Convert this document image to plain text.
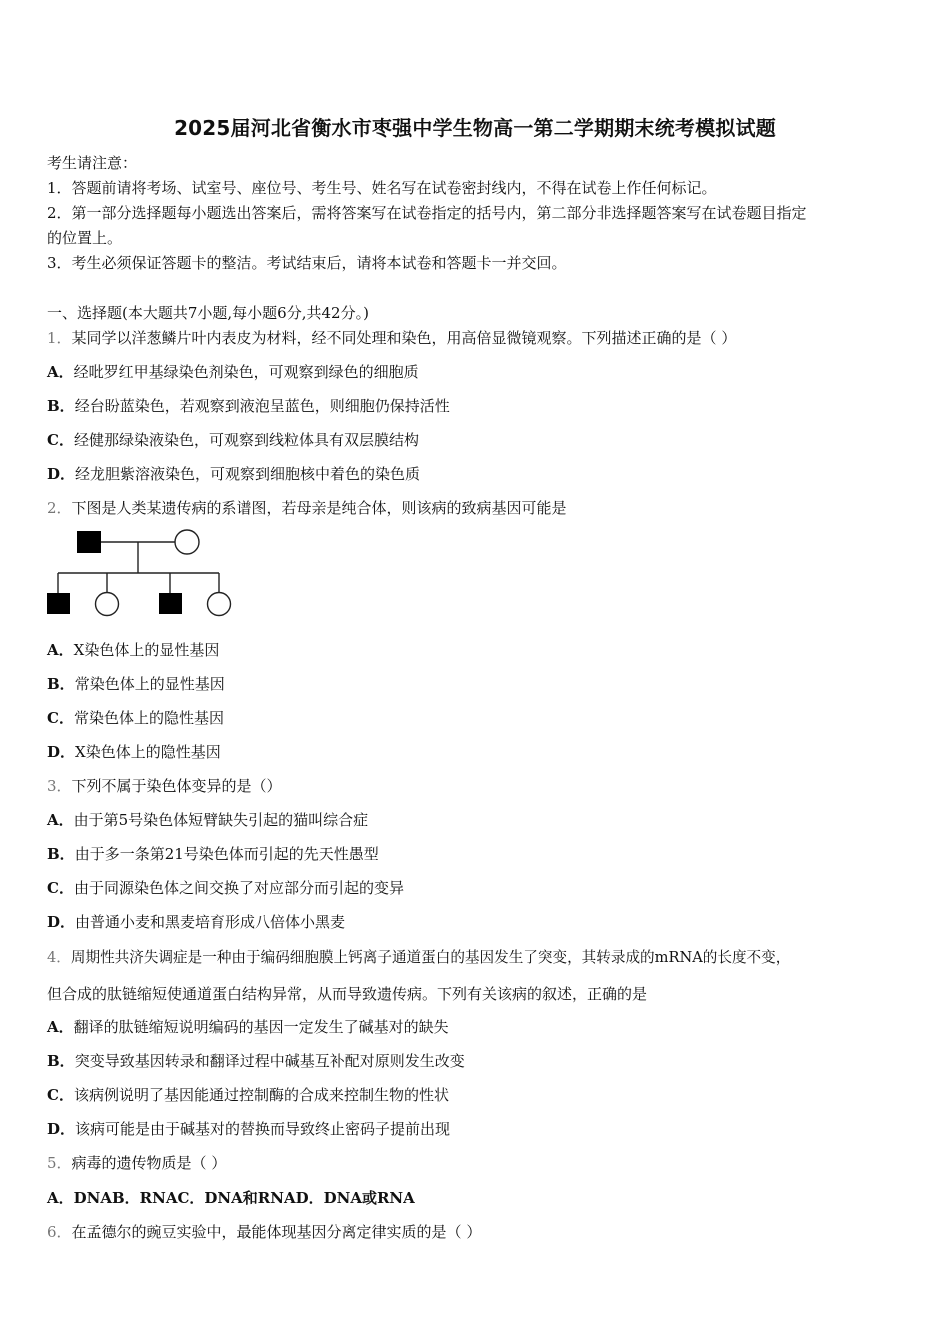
2025届河北省衡水市枣强中学生物高一第二学期期末统考模拟试题
考生请注意：
1．答题前请将考场、试室号、座位号、考生号、姓名写在试卷密封线内，不得在试卷上作任何标记。
2．第一部分选择题每小题选出答案后，需将答案写在试卷指定的括号内，第二部分非选择题答案写在试卷题目指定
的位置上。
3．考生必须保证答题卡的整洁。考试结束后，请将本试卷和答题卡一并交回。
一、选择题(本大题共7小题,每小题6分,共42分。)
1．某同学以洋葱鳞片叶内表皮为材料，经不同处理和染色，用高倍显微镜观察。下列描述正确的是（ ）
A．经吡罗红甲基绿染色剂染色，可观察到绿色的细胞质
B．经台盼蓝染色，若观察到液泡呈蓝色，则细胞仍保持活性
C．经健那绿染液染色，可观察到线粒体具有双层膜结构
D．经龙胆紫溶液染色，可观察到细胞核中着色的染色质
2．下图是人类某遗传病的系谱图，若母亲是纯合体，则该病的致病基因可能是
A．X染色体上的显性基因
B．常染色体上的显性基因
C．常染色体上的隐性基因
D．X染色体上的隐性基因
3．下列不属于染色体变异的是（）
A．由于第5号染色体短臂缺失引起的猫叫综合症
B．由于多一条第21号染色体而引起的先天性愚型
C．由于同源染色体之间交换了对应部分而引起的变异
D．由普通小麦和黑麦培育形成八倍体小黑麦
4．周期性共济失调症是一种由于编码细胞膜上钙离子通道蛋白的基因发生了突变，其转录成的mRNA的长度不变，
但合成的肽链缩短使通道蛋白结构异常，从而导致遗传病。下列有关该病的叙述，正确的是
A．翻译的肽链缩短说明编码的基因一定发生了碱基对的缺失
B．突变导致基因转录和翻译过程中碱基互补配对原则发生改变
C．该病例说明了基因能通过控制酶的合成来控制生物的性状
D．该病可能是由于碱基对的替换而导致终止密码子提前出现
5．病毒的遗传物质是（ ）
A．DNAB．RNAC．DNA和RNAD．DNA或RNA
6．在孟德尔的豌豆实验中，最能体现基因分离定律实质的是（ ）
